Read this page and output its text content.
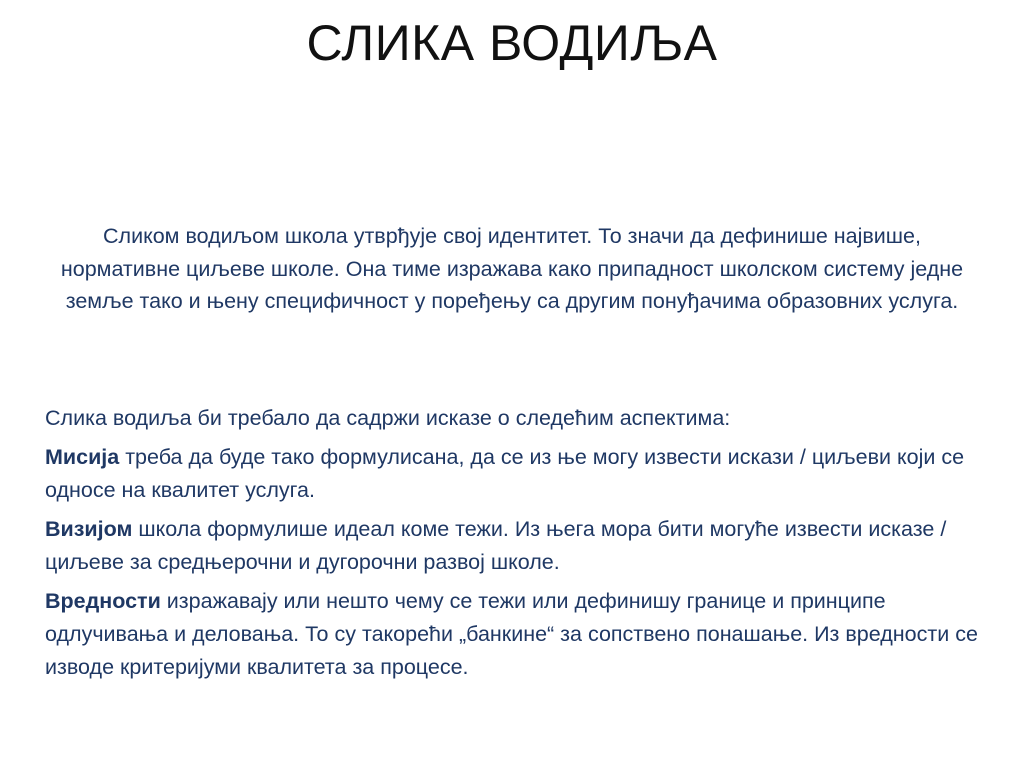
СЛИКА ВОДИЉА
Сликом водиљом школа утврђује свој идентитет. То значи да дефинише највише, нормативне циљеве школе. Она тиме изражава како припадност школском систему једне земље тако и њену специфичност у поређењу са другим понуђачима образовних услуга.

Слика водиља би требало да садржи исказе о следећим аспектима:

Мисија треба да буде тако формулисана, да се из ње могу извести искази / циљеви који се односе на квалитет услуга.

Визијом школа формулише идеал коме тежи. Из њега мора бити могуће извести исказе / циљеве за средњерочни и дугорочни развој школе.

Вредности изражавају или нешто чему се тежи или дефинишу границе и принципе одлучивања и деловања. То су такорећи „банкине“ за сопствено понашање. Из вредности се изводе критеријуми квалитета за процесе.
